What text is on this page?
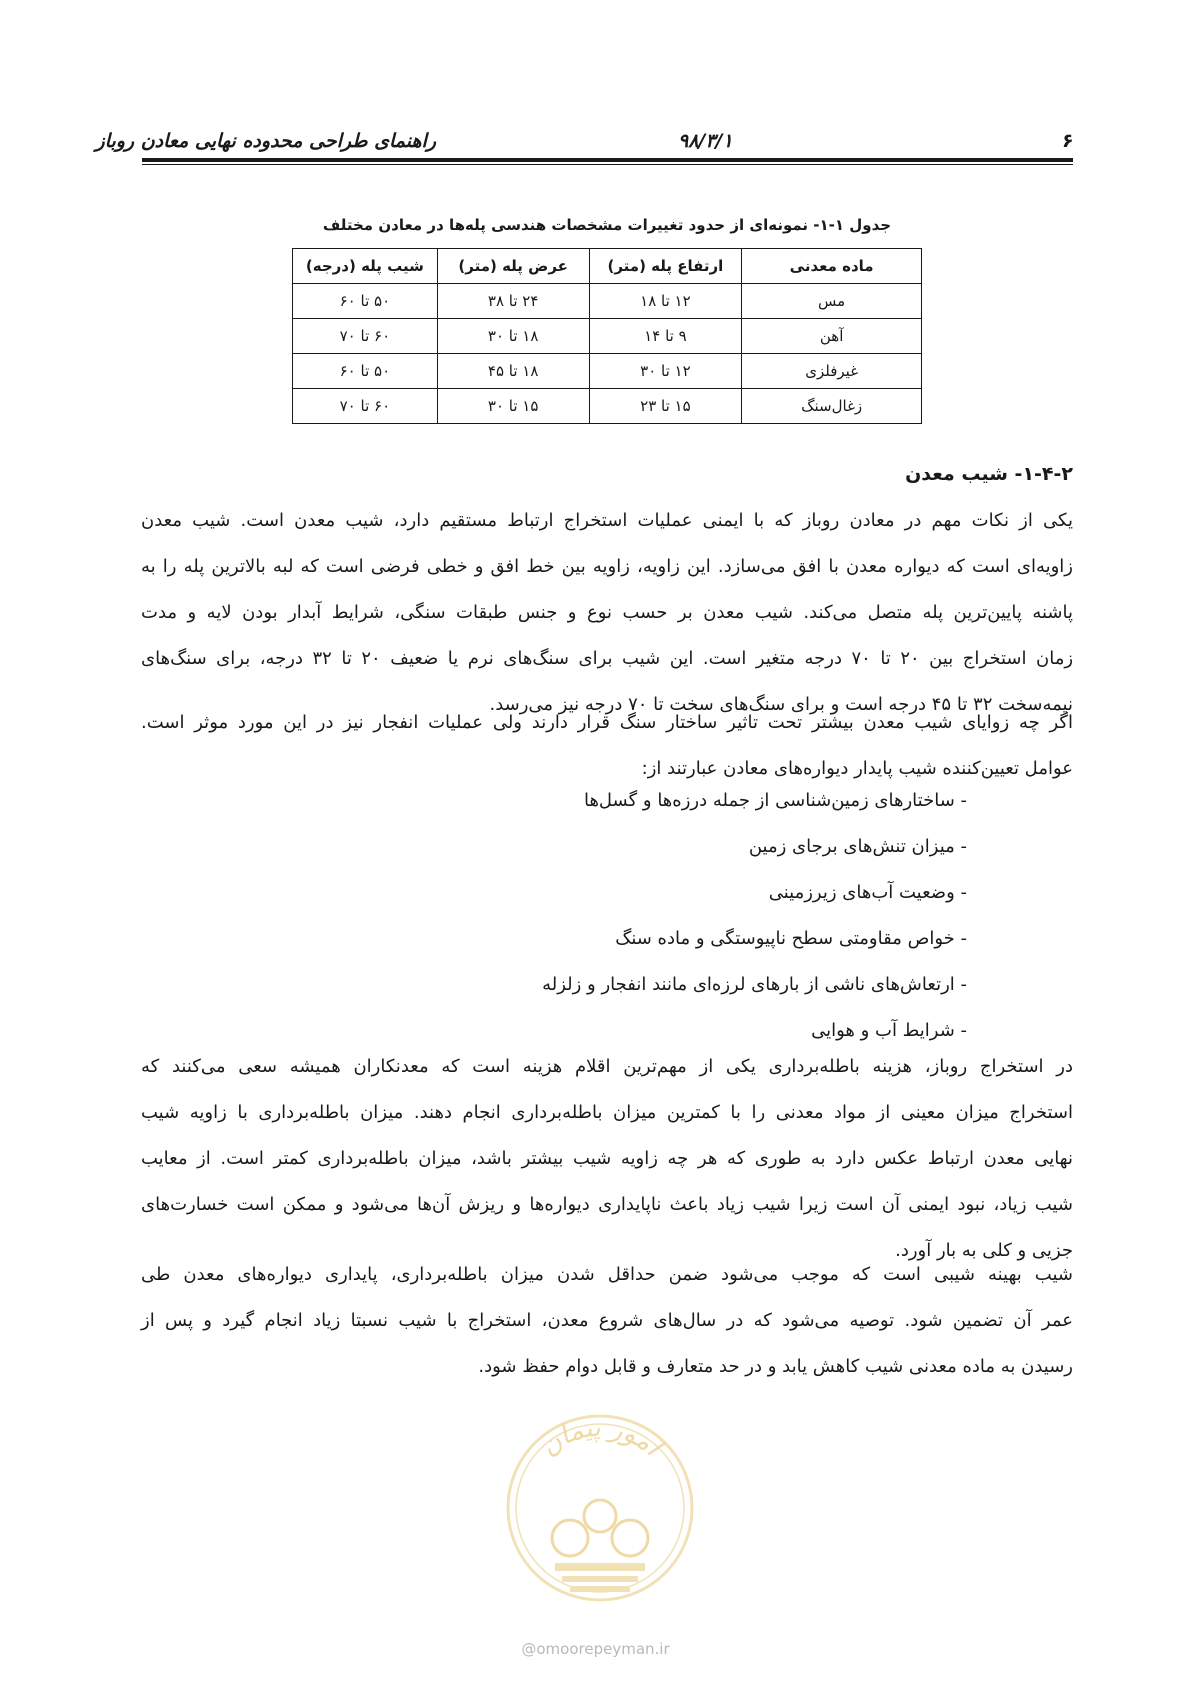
راهنمای طراحی محدوده نهایی معادن روباز	۹۸/۳/۱	۶
جدول ۱-۱- نمونه‌ای از حدود تغییرات مشخصات هندسی پله‌ها در معادن مختلف
ماده معدنی	ارتفاع پله (متر)	عرض پله (متر)	شیب پله (درجه)
مس	۱۲ تا ۱۸	۲۴ تا ۳۸	۵۰ تا ۶۰
آهن	۹ تا ۱۴	۱۸ تا ۳۰	۶۰ تا ۷۰
غیرفلزی	۱۲ تا ۳۰	۱۸ تا ۴۵	۵۰ تا ۶۰
زغال‌سنگ	۱۵ تا ۲۳	۱۵ تا ۳۰	۶۰ تا ۷۰
۱-۴-۲- شیب معدن
یکی از نکات مهم در معادن روباز که با ایمنی عملیات استخراج ارتباط مستقیم دارد، شیب معدن است. شیب معدن
زاویه‌ای است که دیواره معدن با افق می‌سازد. این زاویه، زاویه بین خط افق و خطی فرضی است که لبه بالاترین پله را به
پاشنه پایین‌ترین پله متصل می‌کند. شیب معدن بر حسب نوع و جنس طبقات سنگی، شرایط آبدار بودن لایه و مدت
زمان استخراج بین ۲۰ تا ۷۰ درجه متغیر است. این شیب برای سنگ‌های نرم یا ضعیف ۲۰ تا ۳۲ درجه، برای سنگ‌های
نیمه‌سخت ۳۲ تا ۴۵ درجه است و برای سنگ‌های سخت تا ۷۰ درجه نیز می‌رسد.
اگر چه زوایای شیب معدن بیشتر تحت تاثیر ساختار سنگ قرار دارند ولی عملیات انفجار نیز در این مورد موثر است.
عوامل تعیین‌کننده شیب پایدار دیواره‌های معادن عبارتند از:
- ساختارهای زمین‌شناسی از جمله درزه‌ها و گسل‌ها
- میزان تنش‌های برجای زمین
- وضعیت آب‌های زیرزمینی
- خواص مقاومتی سطح ناپیوستگی و ماده سنگ
- ارتعاش‌های ناشی از بارهای لرزه‌ای مانند انفجار و زلزله
- شرایط آب و هوایی
در استخراج روباز، هزینه باطله‌برداری یکی از مهم‌ترین اقلام هزینه است که معدنکاران همیشه سعی می‌کنند که
استخراج میزان معینی از مواد معدنی را با کمترین میزان باطله‌برداری انجام دهند. میزان باطله‌برداری با زاویه شیب
نهایی معدن ارتباط عکس دارد به طوری که هر چه زاویه شیب بیشتر باشد، میزان باطله‌برداری کمتر است. از معایب
شیب زیاد، نبود ایمنی آن است زیرا شیب زیاد باعث ناپایداری دیواره‌ها و ریزش آن‌ها می‌شود و ممکن است خسارت‌های
جزیی و کلی به بار آورد.
شیب بهینه شیبی است که موجب می‌شود ضمن حداقل شدن میزان باطله‌برداری، پایداری دیواره‌های معدن طی
عمر آن تضمین شود. توصیه می‌شود که در سال‌های شروع معدن، استخراج با شیب نسبتا زیاد انجام گیرد و پس از
رسیدن به ماده معدنی شیب کاهش یابد و در حد متعارف و قابل دوام حفظ شود.
امور پیمان
@omoorepeyman.ir
